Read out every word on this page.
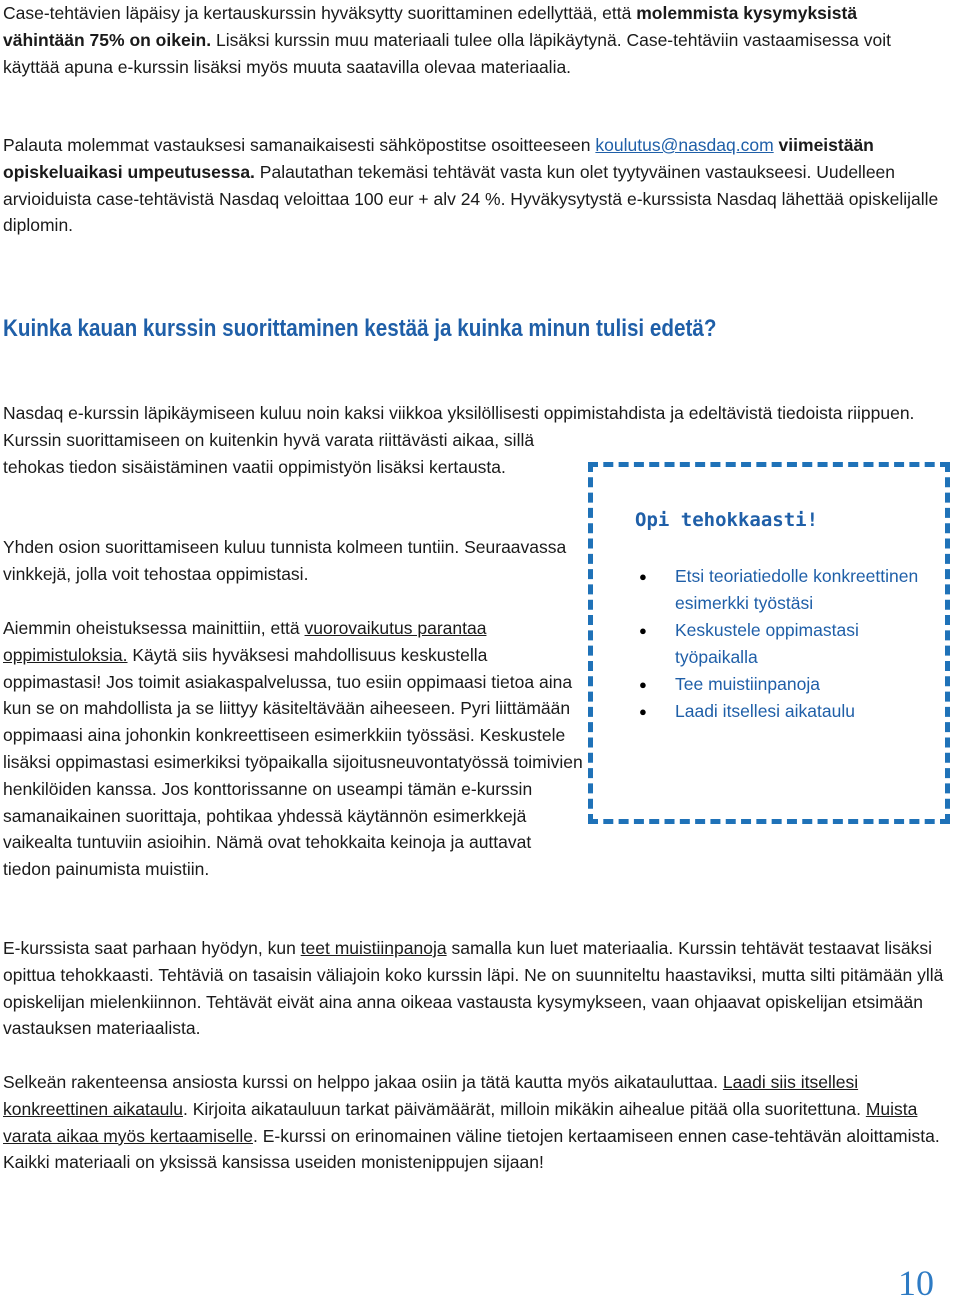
Case-tehtävien läpäisy ja kertauskurssin hyväksytty suorittaminen edellyttää, että molemmista kysymyksistä vähintään 75% on oikein. Lisäksi kurssin muu materiaali tulee olla läpikäytynä. Case-tehtäviin vastaamisessa voit käyttää apuna e-kurssin lisäksi myös muuta saatavilla olevaa materiaalia.

Palauta molemmat vastauksesi samanaikaisesti sähköpostitse osoitteeseen koulutus@nasdaq.com viimeistään opiskeluaikasi umpeutusessa. Palautathan tekemäsi tehtävät vasta kun olet tyytyväinen vastaukseesi. Uudelleen arvioiduista case-tehtävistä Nasdaq veloittaa 100 eur + alv 24 %. Hyväkysytystä e-kurssista Nasdaq lähettää opiskelijalle diplomin.

Kuinka kauan kurssin suorittaminen kestää ja kuinka minun tulisi edetä?

Nasdaq e-kurssin läpikäymiseen kuluu noin kaksi viikkoa yksilöllisesti oppimistahdista ja edeltävistä tiedoista riippuen.

Kurssin suorittamiseen on kuitenkin hyvä varata riittävästi aikaa, sillä tehokas tiedon sisäistäminen vaatii oppimistyön lisäksi kertausta.

Yhden osion suorittamiseen kuluu tunnista kolmeen tuntiin. Seuraavassa vinkkejä, jolla voit tehostaa oppimistasi.

Aiemmin oheistuksessa mainittiin, että vuorovaikutus parantaa oppimistuloksia. Käytä siis hyväksesi mahdollisuus keskustella oppimastasi! Jos toimit asiakaspalvelussa, tuo esiin oppimaasi tietoa aina kun se on mahdollista ja se liittyy käsiteltävään aiheeseen. Pyri liittämään oppimaasi aina johonkin konkreettiseen esimerkkiin työssäsi. Keskustele lisäksi oppimastasi esimerkiksi työpaikalla sijoitusneuvontatyössä toimivien henkilöiden kanssa. Jos konttorissanne on useampi tämän e-kurssin samanaikainen suorittaja, pohtikaa yhdessä käytännön esimerkkejä vaikealta tuntuviin asioihin. Nämä ovat tehokkaita keinoja ja auttavat tiedon painumista muistiin.

Opi tehokkaasti!

●
Etsi teoriatiedolle konkreettinen esimerkki työstäsi
●
Keskustele oppimastasi työpaikalla
●
Tee muistiinpanoja
●
Laadi itsellesi aikataulu

E-kurssista saat parhaan hyödyn, kun teet muistiinpanoja samalla kun luet materiaalia. Kurssin tehtävät testaavat lisäksi opittua tehokkaasti. Tehtäviä on tasaisin väliajoin koko kurssin läpi. Ne on suunniteltu haastaviksi, mutta silti pitämään yllä opiskelijan mielenkiinnon. Tehtävät eivät aina anna oikeaa vastausta kysymykseen, vaan ohjaavat opiskelijan etsimään vastauksen materiaalista.

Selkeän rakenteensa ansiosta kurssi on helppo jakaa osiin ja tätä kautta myös aikatauluttaa. Laadi siis itsellesi konkreettinen aikataulu. Kirjoita aikatauluun tarkat päivämäärät, milloin mikäkin aihealue pitää olla suoritettuna. Muista varata aikaa myös kertaamiselle. E-kurssi on erinomainen väline tietojen kertaamiseen ennen case-tehtävän aloittamista. Kaikki materiaali on yksissä kansissa useiden monistenippujen sijaan!

10
